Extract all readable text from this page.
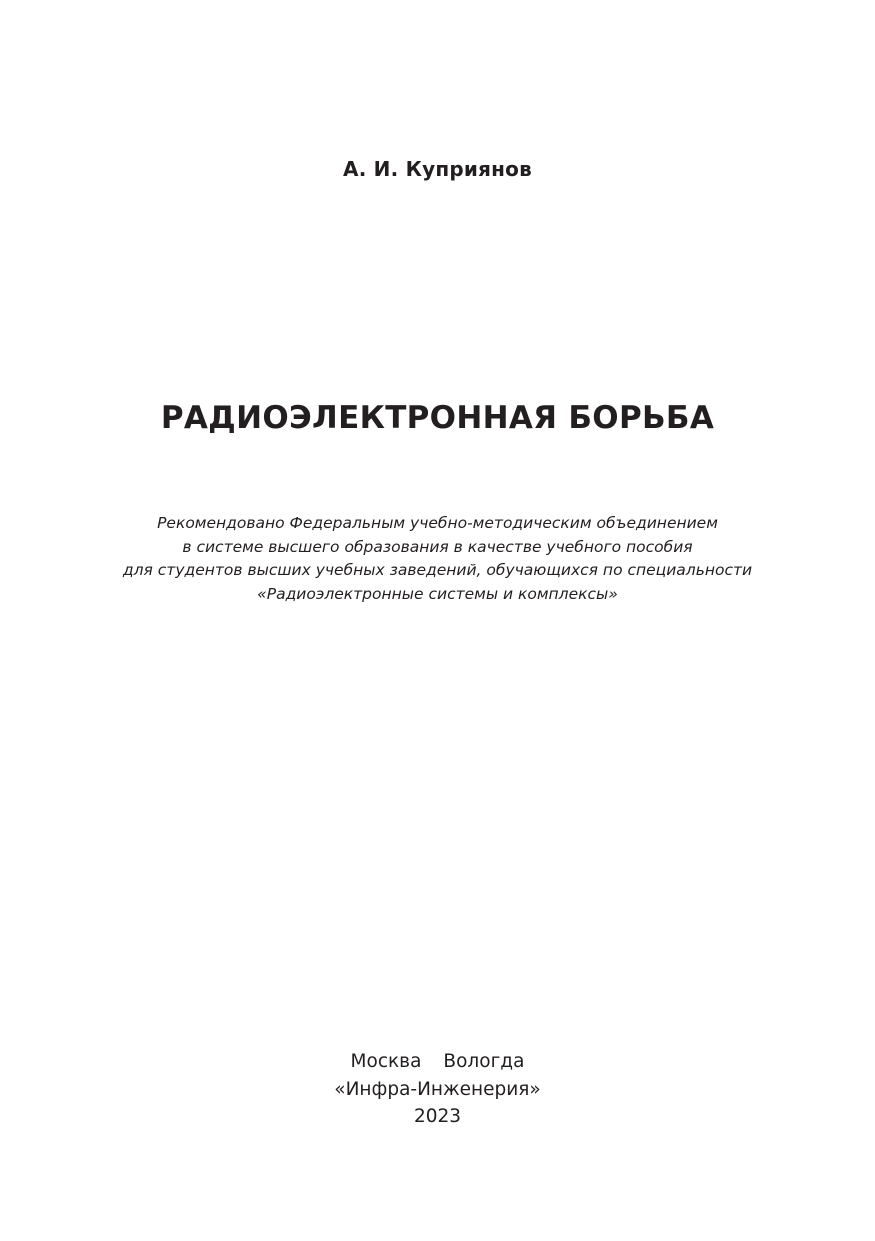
А. И. Куприянов
РАДИОЭЛЕКТРОННАЯ БОРЬБА
Рекомендовано Федеральным учебно-методическим объединением
в системе высшего образования в качестве учебного пособия
для студентов высших учебных заведений, обучающихся по специальности
«Радиоэлектронные системы и комплексы»
Москва Вологда
«Инфра-Инженерия»
2023
